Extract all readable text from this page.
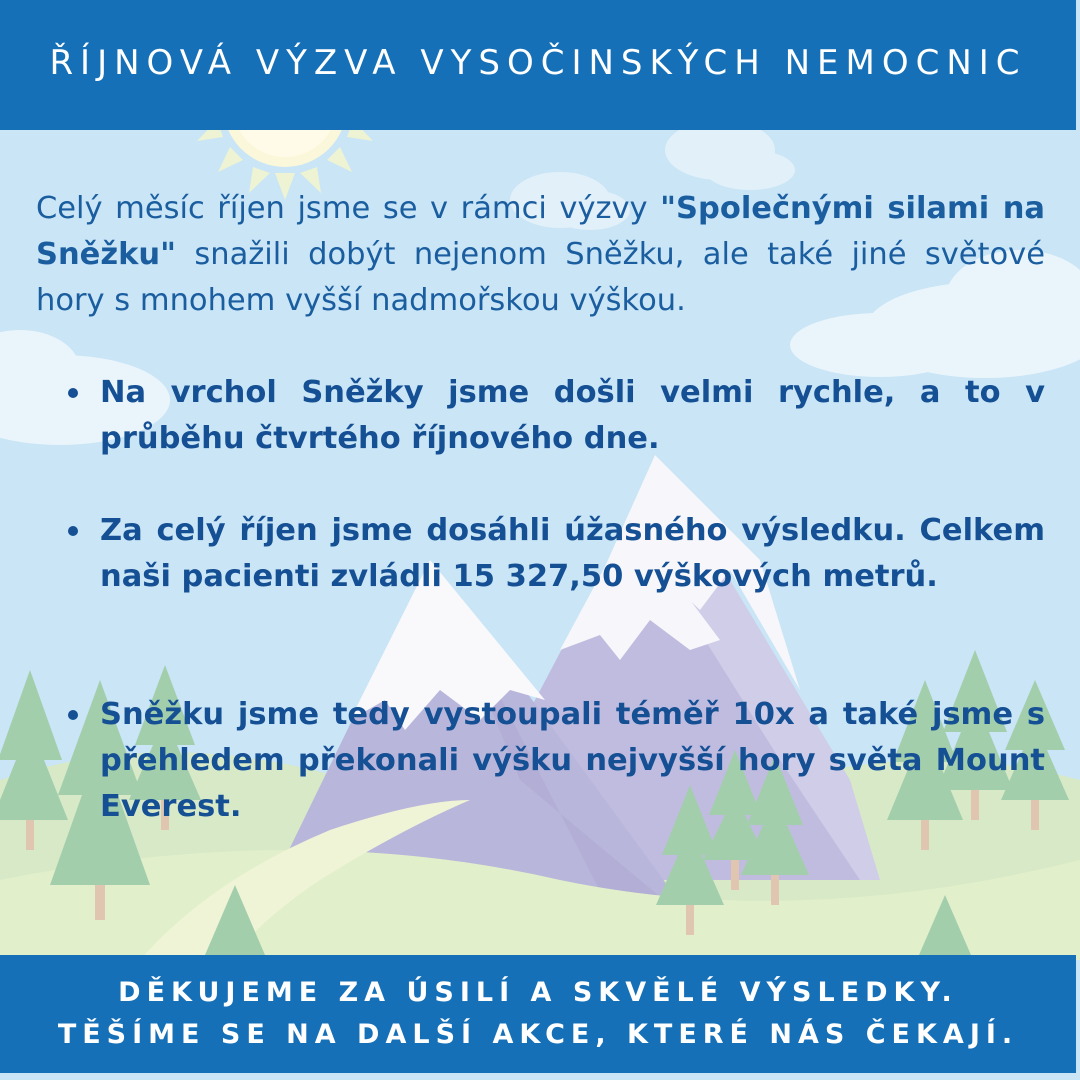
ŘÍJNOVÁ VÝZVA VYSOČINSKÝCH NEMOCNIC

Celý měsíc říjen jsme se v rámci výzvy "Společnými silami na Sněžku" snažili dobýt nejenom Sněžku, ale také jiné světové hory s mnohem vyšší nadmořskou výškou.

Na vrchol Sněžky jsme došli velmi rychle, a to v průběhu čtvrtého říjnového dne.
Za celý říjen jsme dosáhli úžasného výsledku. Celkem naši pacienti zvládli 15 327,50 výškových metrů.
Sněžku jsme tedy vystoupali téměř 10x a také jsme s přehledem překonali výšku nejvyšší hory světa Mount Everest.
DĚKUJEME ZA ÚSILÍ A SKVĚLÉ VÝSLEDKY.
TĚŠÍME SE NA DALŠÍ AKCE, KTERÉ NÁS ČEKAJÍ.
